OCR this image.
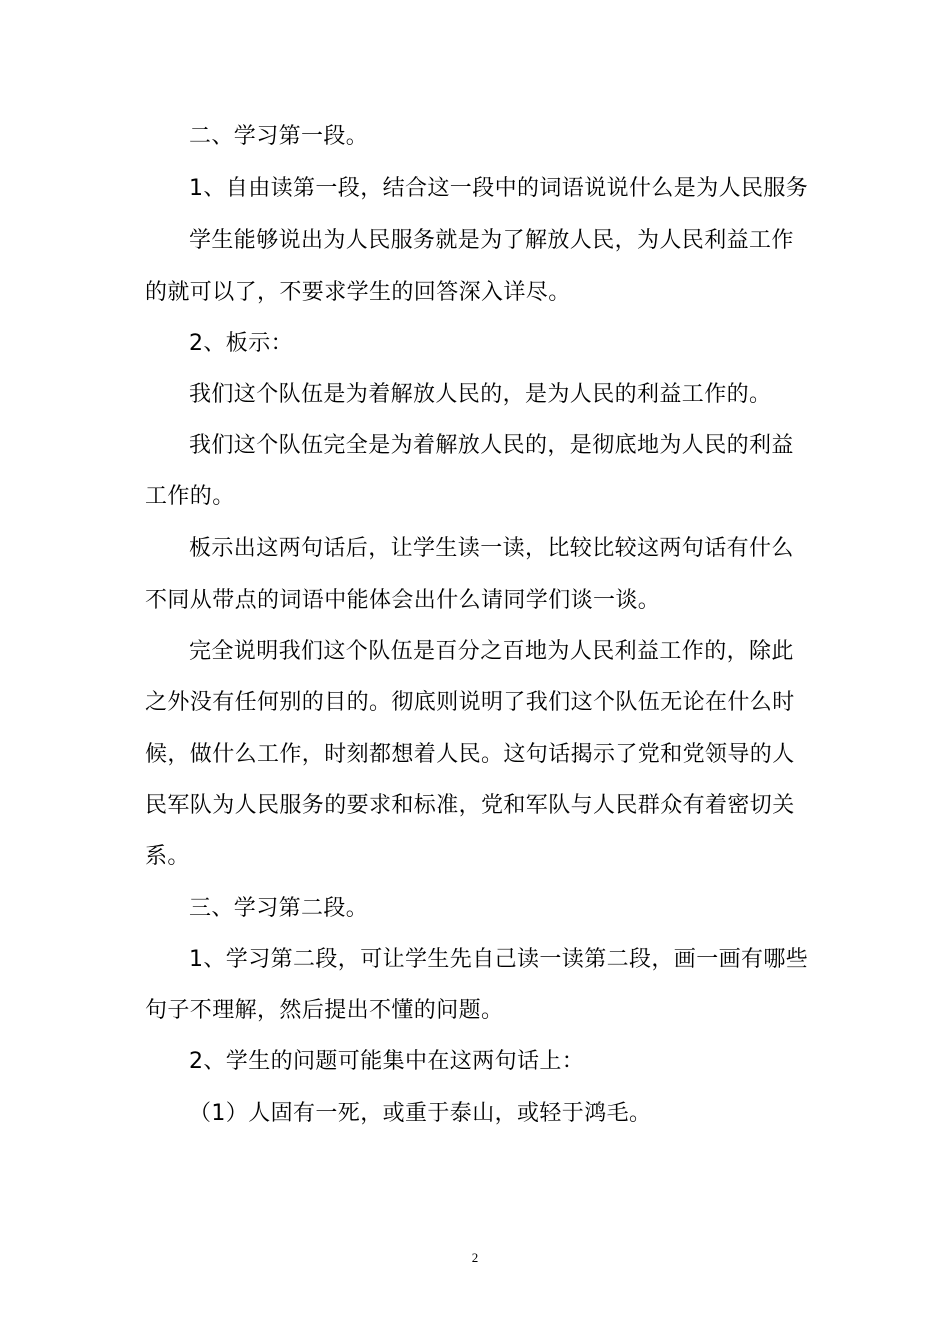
二、学习第一段。
1、自由读第一段，结合这一段中的词语说说什么是为人民服务
学生能够说出为人民服务就是为了解放人民，为人民利益工作
的就可以了，不要求学生的回答深入详尽。
2、板示：
我们这个队伍是为着解放人民的，是为人民的利益工作的。
我们这个队伍完全是为着解放人民的，是彻底地为人民的利益
工作的。
板示出这两句话后，让学生读一读，比较比较这两句话有什么
不同从带点的词语中能体会出什么请同学们谈一谈。
完全说明我们这个队伍是百分之百地为人民利益工作的，除此
之外没有任何别的目的。彻底则说明了我们这个队伍无论在什么时
候，做什么工作，时刻都想着人民。这句话揭示了党和党领导的人
民军队为人民服务的要求和标准，党和军队与人民群众有着密切关
系。
三、学习第二段。
1、学习第二段，可让学生先自己读一读第二段，画一画有哪些
句子不理解，然后提出不懂的问题。
2、学生的问题可能集中在这两句话上：
（1）人固有一死，或重于泰山，或轻于鸿毛。
2
